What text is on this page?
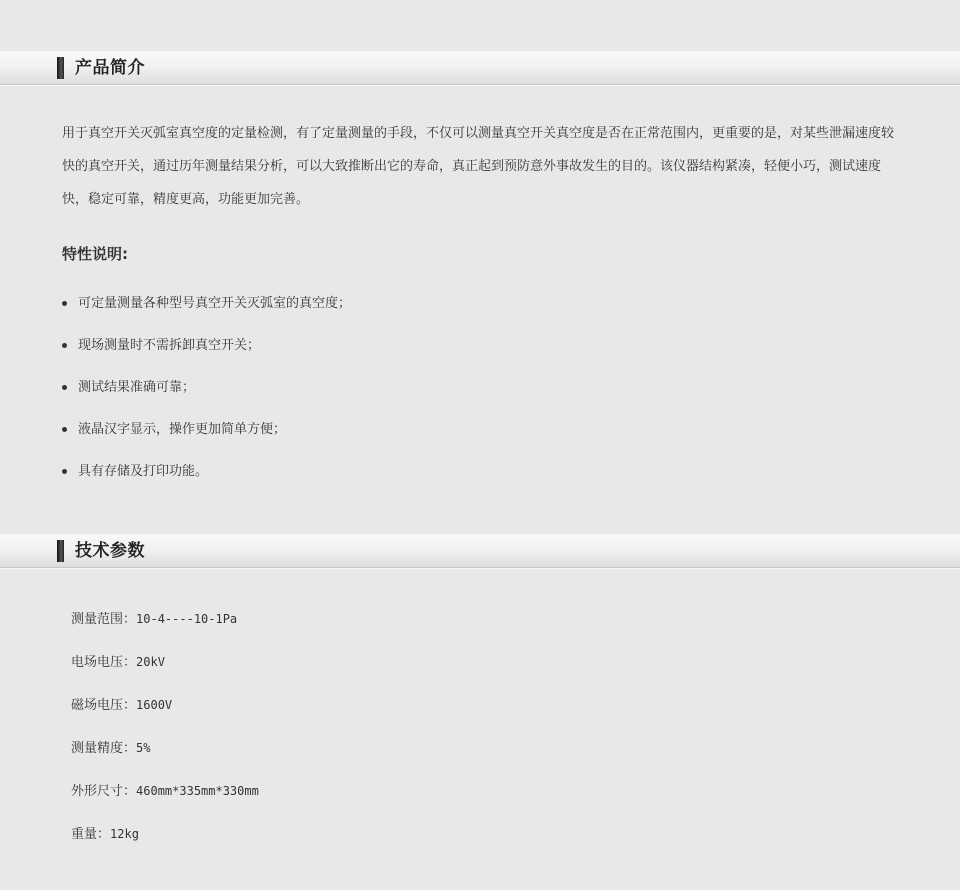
产品简介

用于真空开关灭弧室真空度的定量检测，有了定量测量的手段，不仅可以测量真空开关真空度是否在正常范围内，更重要的是，对某些泄漏速度较快的真空开关，通过历年测量结果分析，可以大致推断出它的寿命，真正起到预防意外事故发生的目的。该仪器结构紧凑，轻便小巧，测试速度快，稳定可靠，精度更高，功能更加完善。

特性说明:
可定量测量各种型号真空开关灭弧室的真空度；
现场测量时不需拆卸真空开关；
测试结果准确可靠；
液晶汉字显示，操作更加简单方便；
具有存储及打印功能。
技术参数
测量范围：10-4----10-1Pa
电场电压：20kV
磁场电压：1600V
测量精度：5%
外形尺寸：460mm*335mm*330mm
重量：12kg
